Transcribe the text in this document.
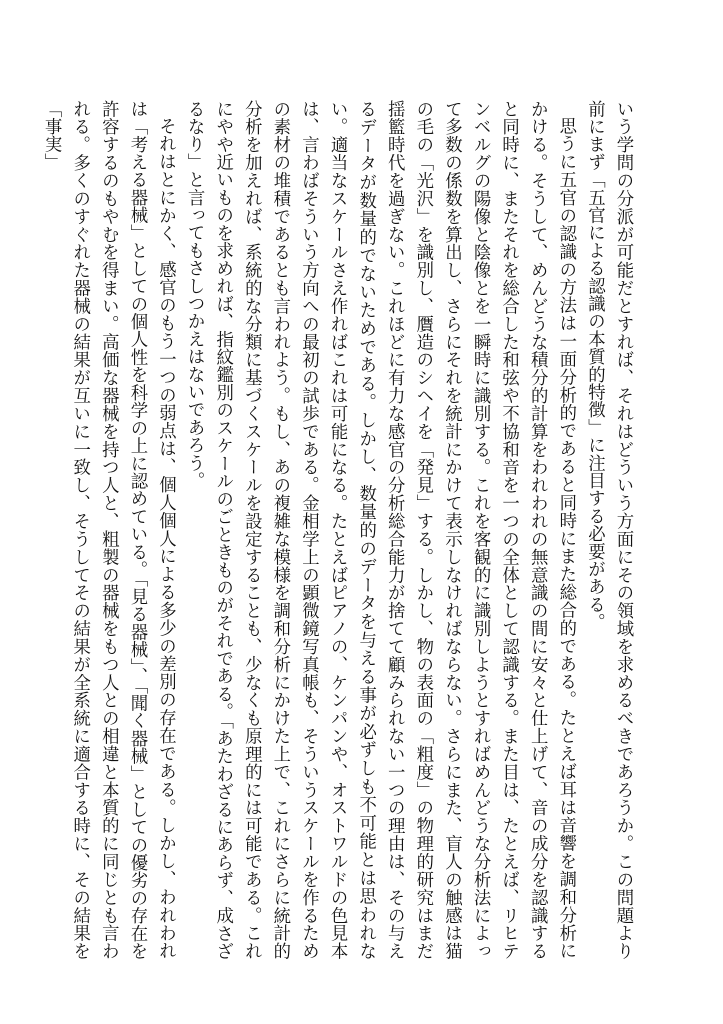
いう学問の分派が可能だとすれば、それはどういう方面にその領域を求めるべきであろうか。この問題より前にまず「五官による認識の本質的特徴」に注目する必要がある。

思うに五官の認識の方法は一面分析的であると同時にまた総合的である。たとえば耳は音響を調和分析にかける。そうして、めんどうな積分的計算をわれわれの無意識の間に安々と仕上げて、音の成分を認識すると同時に、またそれを総合した和弦や不協和音を一つの全体として認識する。また目は、たとえば、リヒテンベルグの陽像と陰像とを一瞬時に識別する。これを客観的に識別しようとすればめんどうな分析法によって多数の係数を算出し、さらにそれを統計にかけて表示しなければならない。さらにまた、盲人の触感は猫の毛の「光沢」を識別し、贋造のシヘイを「発見」する。しかし、物の表面の「粗度」の物理的研究はまだ揺籃時代を過ぎない。これほどに有力な感官の分析総合能力が捨てて顧みられない一つの理由は、その与えるデータが数量的でないためである。しかし、数量的のデータを与える事が必ずしも不可能とは思われない。適当なスケールさえ作ればこれは可能になる。たとえばピアノの、ケンパンや、オストワルドの色見本は、言わばそういう方向への最初の試歩である。金相学上の顕微鏡写真帳も、そういうスケールを作るための素材の堆積であるとも言われよう。もし、あの複雑な模様を調和分析にかけた上で、これにさらに統計的分析を加えれば、系統的な分類に基づくスケールを設定することも、少なくも原理的には可能である。これにやや近いものを求めれば、指紋鑑別のスケールのごときものがそれである。「あたわざるにあらず、成さざるなり」と言ってもさしつかえはないであろう。

それはとにかく、感官のもう一つの弱点は、個人個人による多少の差別の存在である。しかし、われわれは「考える器械」としての個人性を科学の上に認めている。「見る器械」、「聞く器械」としての優劣の存在を許容するのもやむを得まい。高価な器械を持つ人と、粗製の器械をもつ人との相違と本質的に同じとも言われる。多くのすぐれた器械の結果が互いに一致し、そうしてその結果が全系統に適合する時に、その結果を「事実」
